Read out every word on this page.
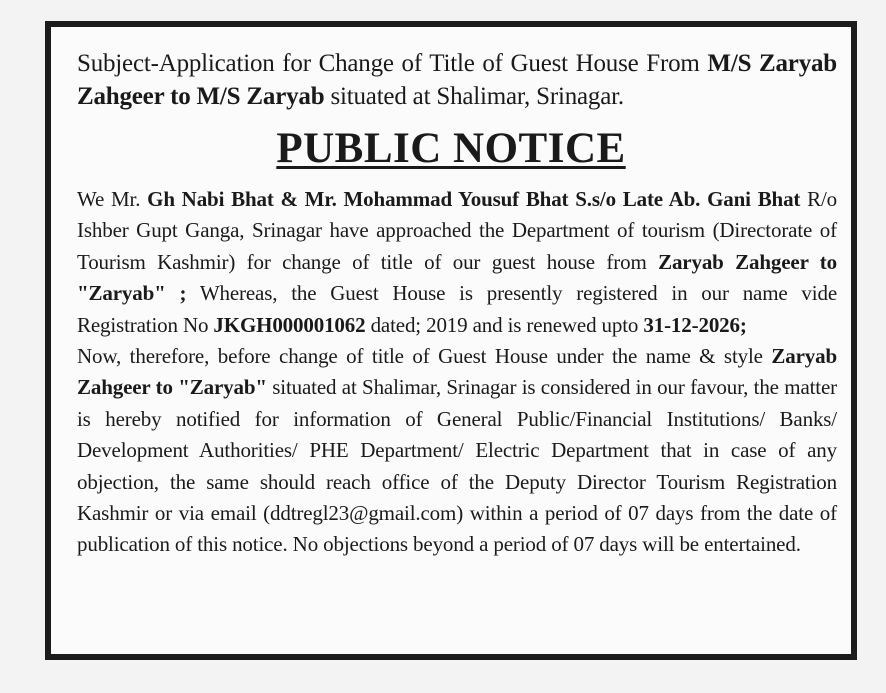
Subject-Application for Change of Title of Guest House From M/S Zaryab Zahgeer to M/S Zaryab situated at Shalimar, Srinagar.
PUBLIC NOTICE

We Mr. Gh Nabi Bhat & Mr. Mohammad Yousuf Bhat S.s/o Late Ab. Gani Bhat R/o Ishber Gupt Ganga, Srinagar have approached the Department of tourism (Directorate of Tourism Kashmir) for change of title of our guest house from Zaryab Zahgeer to "Zaryab" ; Whereas, the Guest House is presently registered in our name vide Registration No JKGH000001062 dated; 2019 and is renewed upto 31-12-2026;

Now, therefore, before change of title of Guest House under the name & style Zaryab Zahgeer to "Zaryab" situated at Shalimar, Srinagar is considered in our favour, the matter is hereby notified for information of General Public/Financial Institutions/ Banks/ Development Authorities/ PHE Department/ Electric Department that in case of any objection, the same should reach office of the Deputy Director Tourism Registration Kashmir or via email (ddtregl23@gmail.com) within a period of 07 days from the date of publication of this notice. No objections beyond a period of 07 days will be entertained.
